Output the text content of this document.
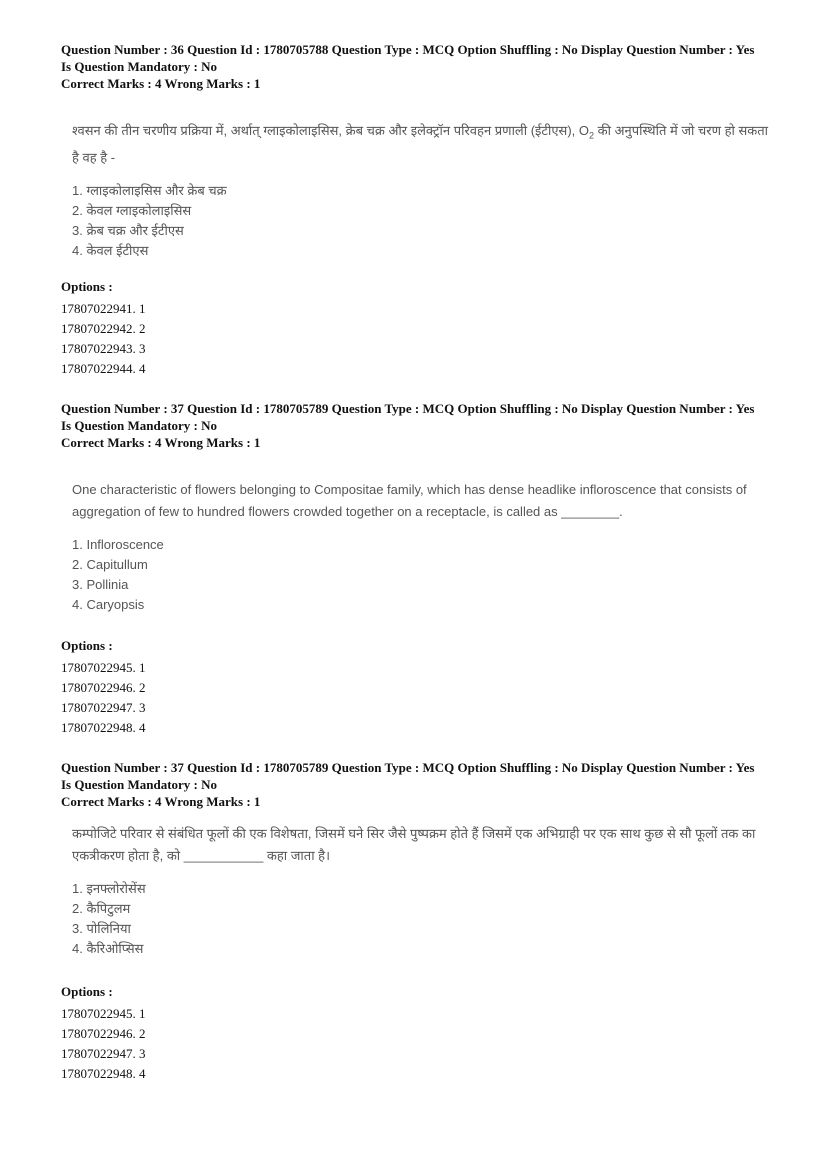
Question Number : 36 Question Id : 1780705788 Question Type : MCQ Option Shuffling : No Display Question Number : Yes
Is Question Mandatory : No
Correct Marks : 4 Wrong Marks : 1

श्वसन की तीन चरणीय प्रक्रिया में, अर्थात् ग्लाइकोलाइसिस, क्रेब चक्र और इलेक्ट्रॉन परिवहन प्रणाली (ईटीएस), $O_2$ की अनुपस्थिति में जो चरण हो सकता है वह है -

1. ग्लाइकोलाइसिस और क्रेब चक्र
2. केवल ग्लाइकोलाइसिस
3. क्रेब चक्र और ईटीएस
4. केवल ईटीएस
Options :
17807022941. 1
17807022942. 2
17807022943. 3
17807022944. 4
Question Number : 37 Question Id : 1780705789 Question Type : MCQ Option Shuffling : No Display Question Number : Yes
Is Question Mandatory : No
Correct Marks : 4 Wrong Marks : 1

One characteristic of flowers belonging to Compositae family, which has dense headlike infloroscence that consists of aggregation of few to hundred flowers crowded together on a receptacle, is called as ________.

1. Infloroscence
2. Capitullum
3. Pollinia
4. Caryopsis
Options :
17807022945. 1
17807022946. 2
17807022947. 3
17807022948. 4
Question Number : 37 Question Id : 1780705789 Question Type : MCQ Option Shuffling : No Display Question Number : Yes
Is Question Mandatory : No
Correct Marks : 4 Wrong Marks : 1

कम्पोजिटे परिवार से संबंधित फूलों की एक विशेषता, जिसमें घने सिर जैसे पुष्पक्रम होते हैं जिसमें एक अभिग्राही पर एक साथ कुछ से सौ फूलों तक का एकत्रीकरण होता है, को ___________ कहा जाता है।

1. इनफ्लोरोसेंस
2. कैपिटुलम
3. पोलिनिया
4. कैरिओप्सिस
Options :
17807022945. 1
17807022946. 2
17807022947. 3
17807022948. 4
